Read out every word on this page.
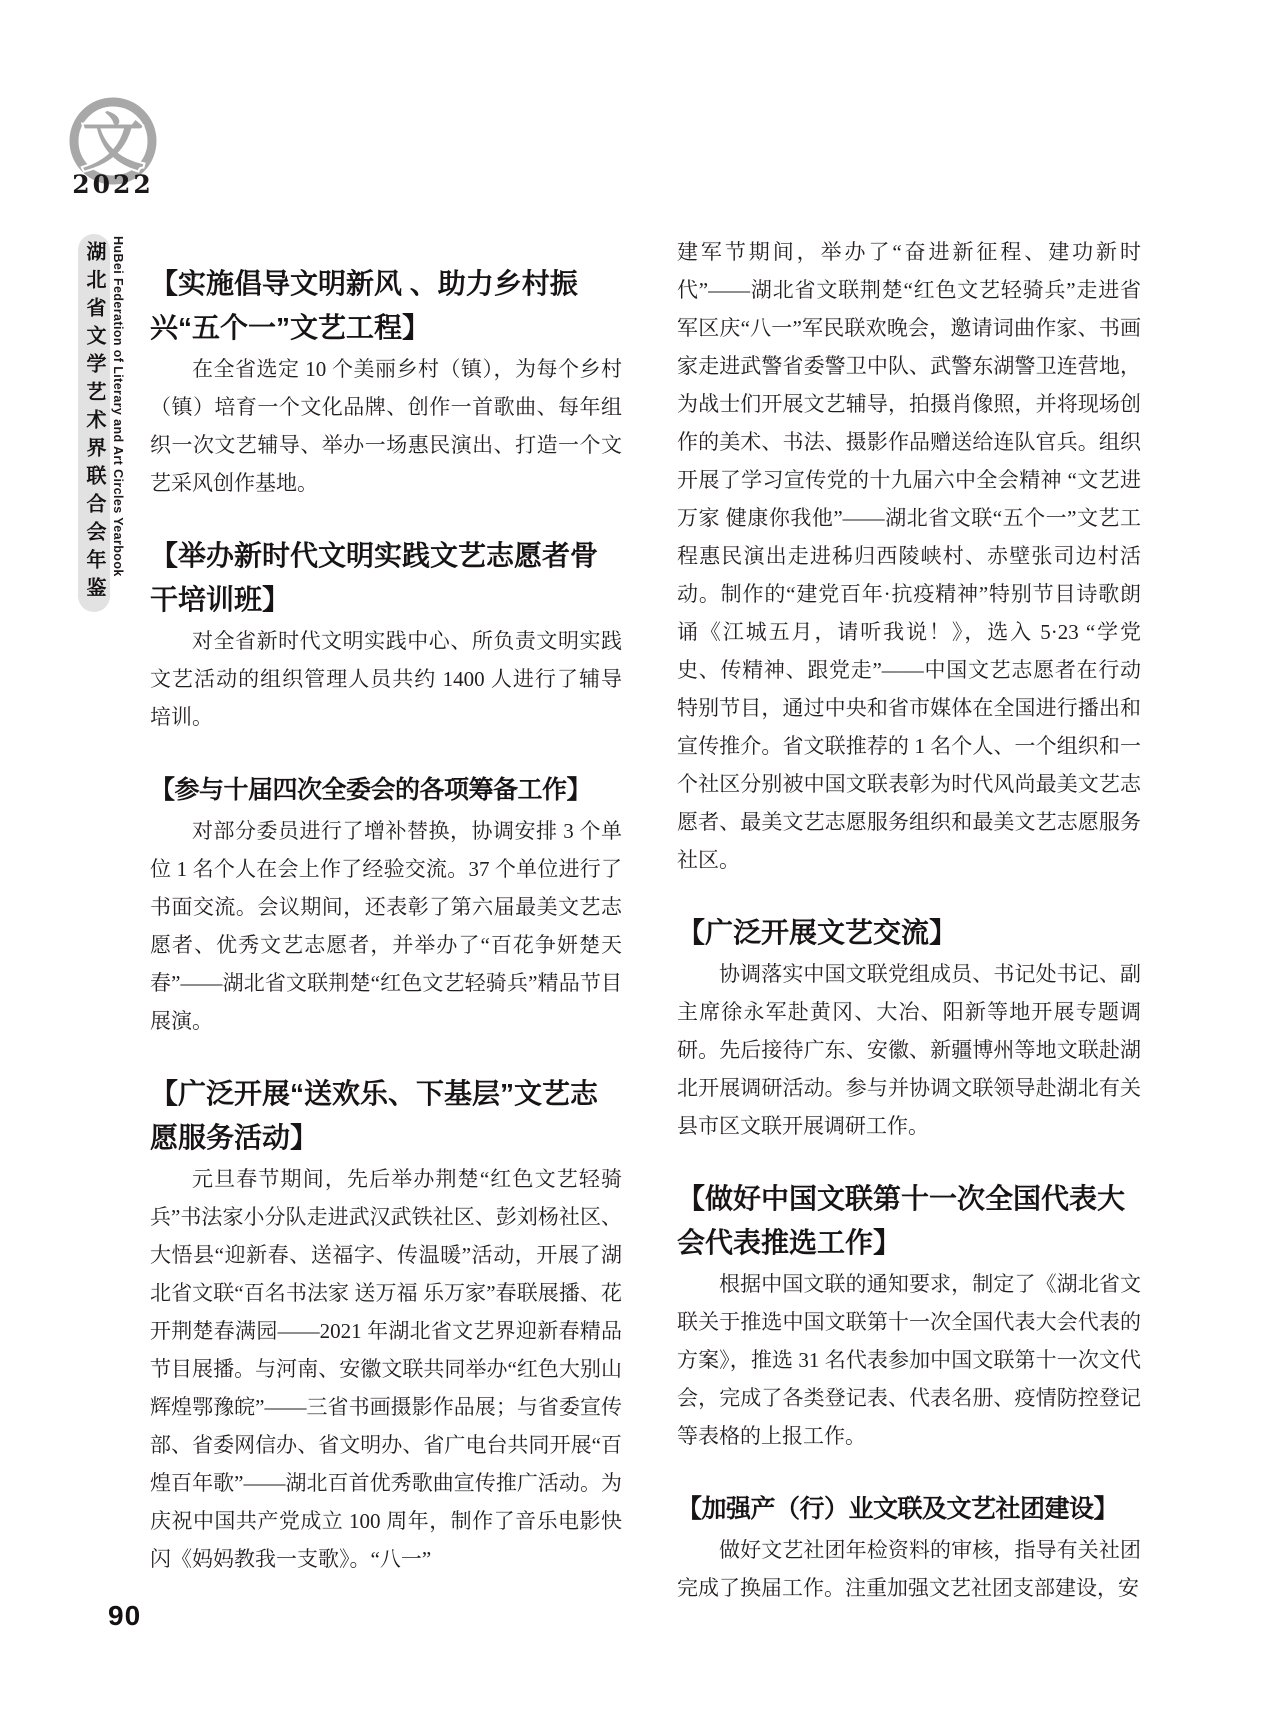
文
2022
湖北省文学艺术界联合会年鉴 HuBei Federation of Literary and Art Circles Yearbook 【实施倡导文明新风 、助力乡村振兴“五个一”文艺工程】

在全省选定 10 个美丽乡村（镇），为每个乡村（镇）培育一个文化品牌、创作一首歌曲、每年组织一次文艺辅导、举办一场惠民演出、打造一个文艺采风创作基地。

【举办新时代文明实践文艺志愿者骨干培训班】

对全省新时代文明实践中心、所负责文明实践文艺活动的组织管理人员共约 1400 人进行了辅导培训。

【参与十届四次全委会的各项筹备工作】

对部分委员进行了增补替换，协调安排 3 个单位 1 名个人在会上作了经验交流。37 个单位进行了书面交流。会议期间，还表彰了第六届最美文艺志愿者、优秀文艺志愿者，并举办了“百花争妍楚天春”——湖北省文联荆楚“红色文艺轻骑兵”精品节目展演。

【广泛开展“送欢乐、下基层”文艺志愿服务活动】

元旦春节期间，先后举办荆楚“红色文艺轻骑兵”书法家小分队走进武汉武铁社区、彭刘杨社区、大悟县“迎新春、送福字、传温暖”活动，开展了湖北省文联“百名书法家 送万福 乐万家”春联展播、花开荆楚春满园——2021 年湖北省文艺界迎新春精品节目展播。与河南、安徽文联共同举办“红色大别山 辉煌鄂豫皖”——三省书画摄影作品展；与省委宣传部、省委网信办、省文明办、省广电台共同开展“百煌百年歌”——湖北百首优秀歌曲宣传推广活动。为庆祝中国共产党成立 100 周年，制作了音乐电影快闪《妈妈教我一支歌》。“八一”

建军节期间，举办了“奋进新征程、建功新时代”——湖北省文联荆楚“红色文艺轻骑兵”走进省军区庆“八一”军民联欢晚会，邀请词曲作家、书画家走进武警省委警卫中队、武警东湖警卫连营地，为战士们开展文艺辅导，拍摄肖像照，并将现场创作的美术、书法、摄影作品赠送给连队官兵。组织开展了学习宣传党的十九届六中全会精神 “文艺进万家 健康你我他”——湖北省文联“五个一”文艺工程惠民演出走进秭归西陵峡村、赤壁张司边村活动。制作的“建党百年·抗疫精神”特别节目诗歌朗诵《江城五月，请听我说！》，选入 5·23 “学党史、传精神、跟党走”——中国文艺志愿者在行动特别节目，通过中央和省市媒体在全国进行播出和宣传推介。省文联推荐的 1 名个人、一个组织和一个社区分别被中国文联表彰为时代风尚最美文艺志愿者、最美文艺志愿服务组织和最美文艺志愿服务社区。

【广泛开展文艺交流】

协调落实中国文联党组成员、书记处书记、副主席徐永军赴黄冈、大冶、阳新等地开展专题调研。先后接待广东、安徽、新疆博州等地文联赴湖北开展调研活动。参与并协调文联领导赴湖北有关县市区文联开展调研工作。

【做好中国文联第十一次全国代表大会代表推选工作】

根据中国文联的通知要求，制定了《湖北省文联关于推选中国文联第十一次全国代表大会代表的方案》，推选 31 名代表参加中国文联第十一次文代会，完成了各类登记表、代表名册、疫情防控登记等表格的上报工作。

【加强产（行）业文联及文艺社团建设】

做好文艺社团年检资料的审核，指导有关社团完成了换届工作。注重加强文艺社团支部建设，安

90
